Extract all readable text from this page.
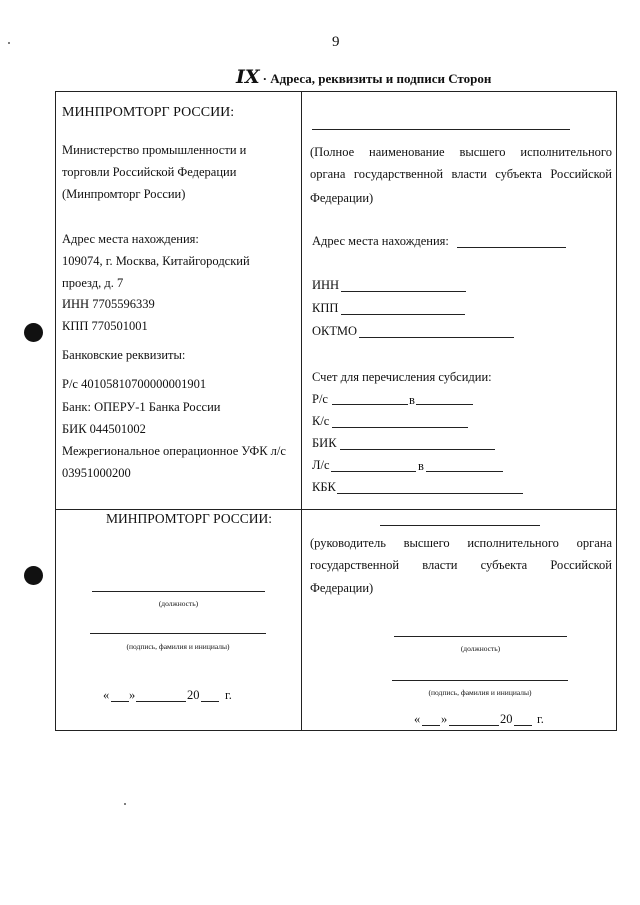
9
IX · Адреса, реквизиты и подписи Сторон
МИНПРОМТОРГ РОССИИ:
Министерство промышленности и
торговли Российской Федерации
(Минпромторг России)
Адрес места нахождения:
109074, г. Москва, Китайгородский
проезд, д. 7
ИНН 7705596339
КПП 770501001
Банковские реквизиты:
Р/с 40105810700000001901
Банк: ОПЕРУ-1 Банка России
БИК 044501002
Межрегиональное операционное УФК л/с
03951000200
(Полное наименование высшего исполнительного
органа государственной власти субъекта Российской
Федерации)
Адрес места нахождения:
ИНН
КПП
ОКТМО
Счет для перечисления субсидии:
Р/с	в
К/с
БИК
Л/с	в
КБК
МИНПРОМТОРГ РОССИИ:
(должность)
(подпись, фамилия и инициалы)
« »	20 г.
(руководитель высшего исполнительного органа
государственной власти субъекта Российской
Федерации)
(должность)
(подпись, фамилия и инициалы)
« »	20 г.
